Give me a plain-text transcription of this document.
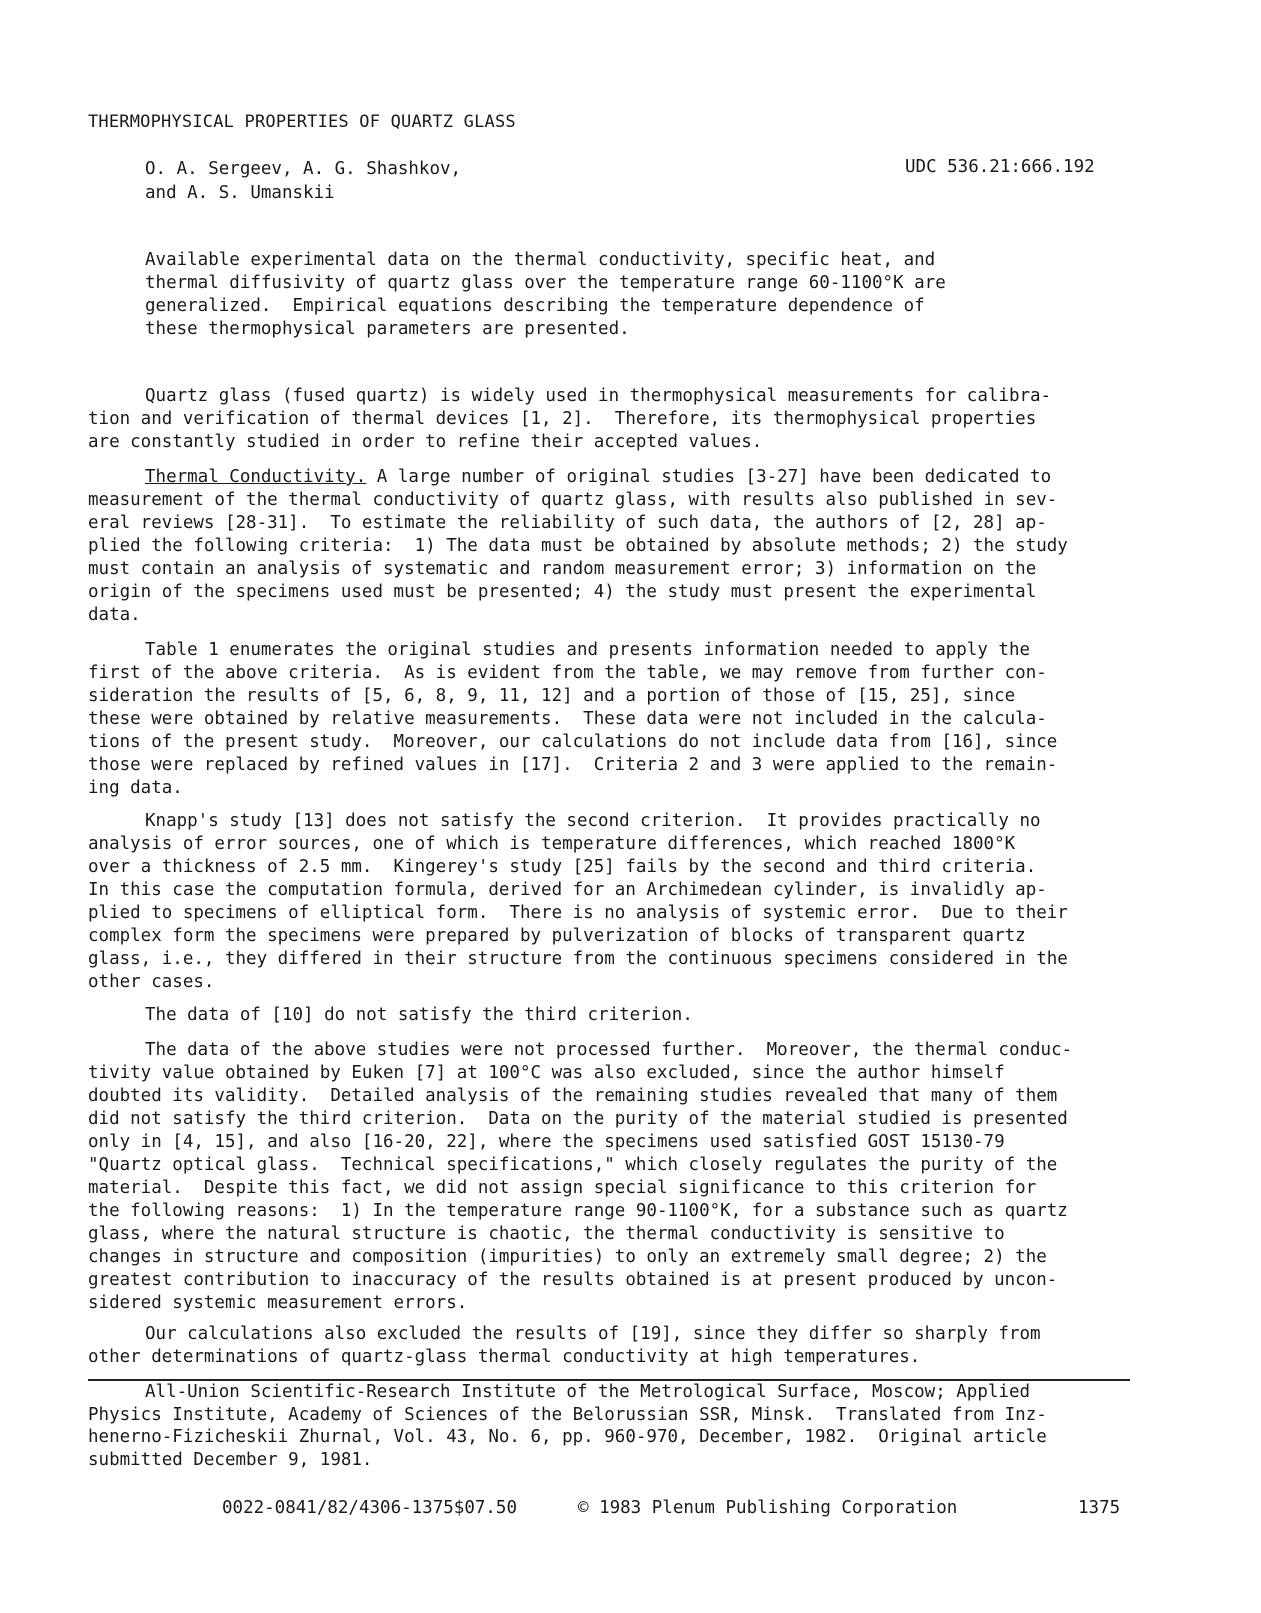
THERMOPHYSICAL PROPERTIES OF QUARTZ GLASS
O. A. Sergeev, A. G. Shashkov,
and A. S. Umanskii
UDC 536.21:666.192
Available experimental data on the thermal conductivity, specific heat, and
thermal diffusivity of quartz glass over the temperature range 60-1100°K are
generalized.  Empirical equations describing the temperature dependence of
these thermophysical parameters are presented.
Quartz glass (fused quartz) is widely used in thermophysical measurements for calibra-
tion and verification of thermal devices [1, 2].  Therefore, its thermophysical properties
are constantly studied in order to refine their accepted values.
Thermal Conductivity. A large number of original studies [3-27] have been dedicated to
measurement of the thermal conductivity of quartz glass, with results also published in sev-
eral reviews [28-31].  To estimate the reliability of such data, the authors of [2, 28] ap-
plied the following criteria:  1) The data must be obtained by absolute methods; 2) the study
must contain an analysis of systematic and random measurement error; 3) information on the
origin of the specimens used must be presented; 4) the study must present the experimental
data.
Table 1 enumerates the original studies and presents information needed to apply the
first of the above criteria.  As is evident from the table, we may remove from further con-
sideration the results of [5, 6, 8, 9, 11, 12] and a portion of those of [15, 25], since
these were obtained by relative measurements.  These data were not included in the calcula-
tions of the present study.  Moreover, our calculations do not include data from [16], since
those were replaced by refined values in [17].  Criteria 2 and 3 were applied to the remain-
ing data.
Knapp's study [13] does not satisfy the second criterion.  It provides practically no
analysis of error sources, one of which is temperature differences, which reached 1800°K
over a thickness of 2.5 mm.  Kingerey's study [25] fails by the second and third criteria.
In this case the computation formula, derived for an Archimedean cylinder, is invalidly ap-
plied to specimens of elliptical form.  There is no analysis of systemic error.  Due to their
complex form the specimens were prepared by pulverization of blocks of transparent quartz
glass, i.e., they differed in their structure from the continuous specimens considered in the
other cases.
The data of [10] do not satisfy the third criterion.
The data of the above studies were not processed further.  Moreover, the thermal conduc-
tivity value obtained by Euken [7] at 100°C was also excluded, since the author himself
doubted its validity.  Detailed analysis of the remaining studies revealed that many of them
did not satisfy the third criterion.  Data on the purity of the material studied is presented
only in [4, 15], and also [16-20, 22], where the specimens used satisfied GOST 15130-79
"Quartz optical glass.  Technical specifications," which closely regulates the purity of the
material.  Despite this fact, we did not assign special significance to this criterion for
the following reasons:  1) In the temperature range 90-1100°K, for a substance such as quartz
glass, where the natural structure is chaotic, the thermal conductivity is sensitive to
changes in structure and composition (impurities) to only an extremely small degree; 2) the
greatest contribution to inaccuracy of the results obtained is at present produced by uncon-
sidered systemic measurement errors.
Our calculations also excluded the results of [19], since they differ so sharply from
other determinations of quartz-glass thermal conductivity at high temperatures.
All-Union Scientific-Research Institute of the Metrological Surface, Moscow; Applied
Physics Institute, Academy of Sciences of the Belorussian SSR, Minsk.  Translated from Inz-
henerno-Fizicheskii Zhurnal, Vol. 43, No. 6, pp. 960-970, December, 1982.  Original article
submitted December 9, 1981.
0022-0841/82/4306-1375$07.50	© 1983 Plenum Publishing Corporation	1375
